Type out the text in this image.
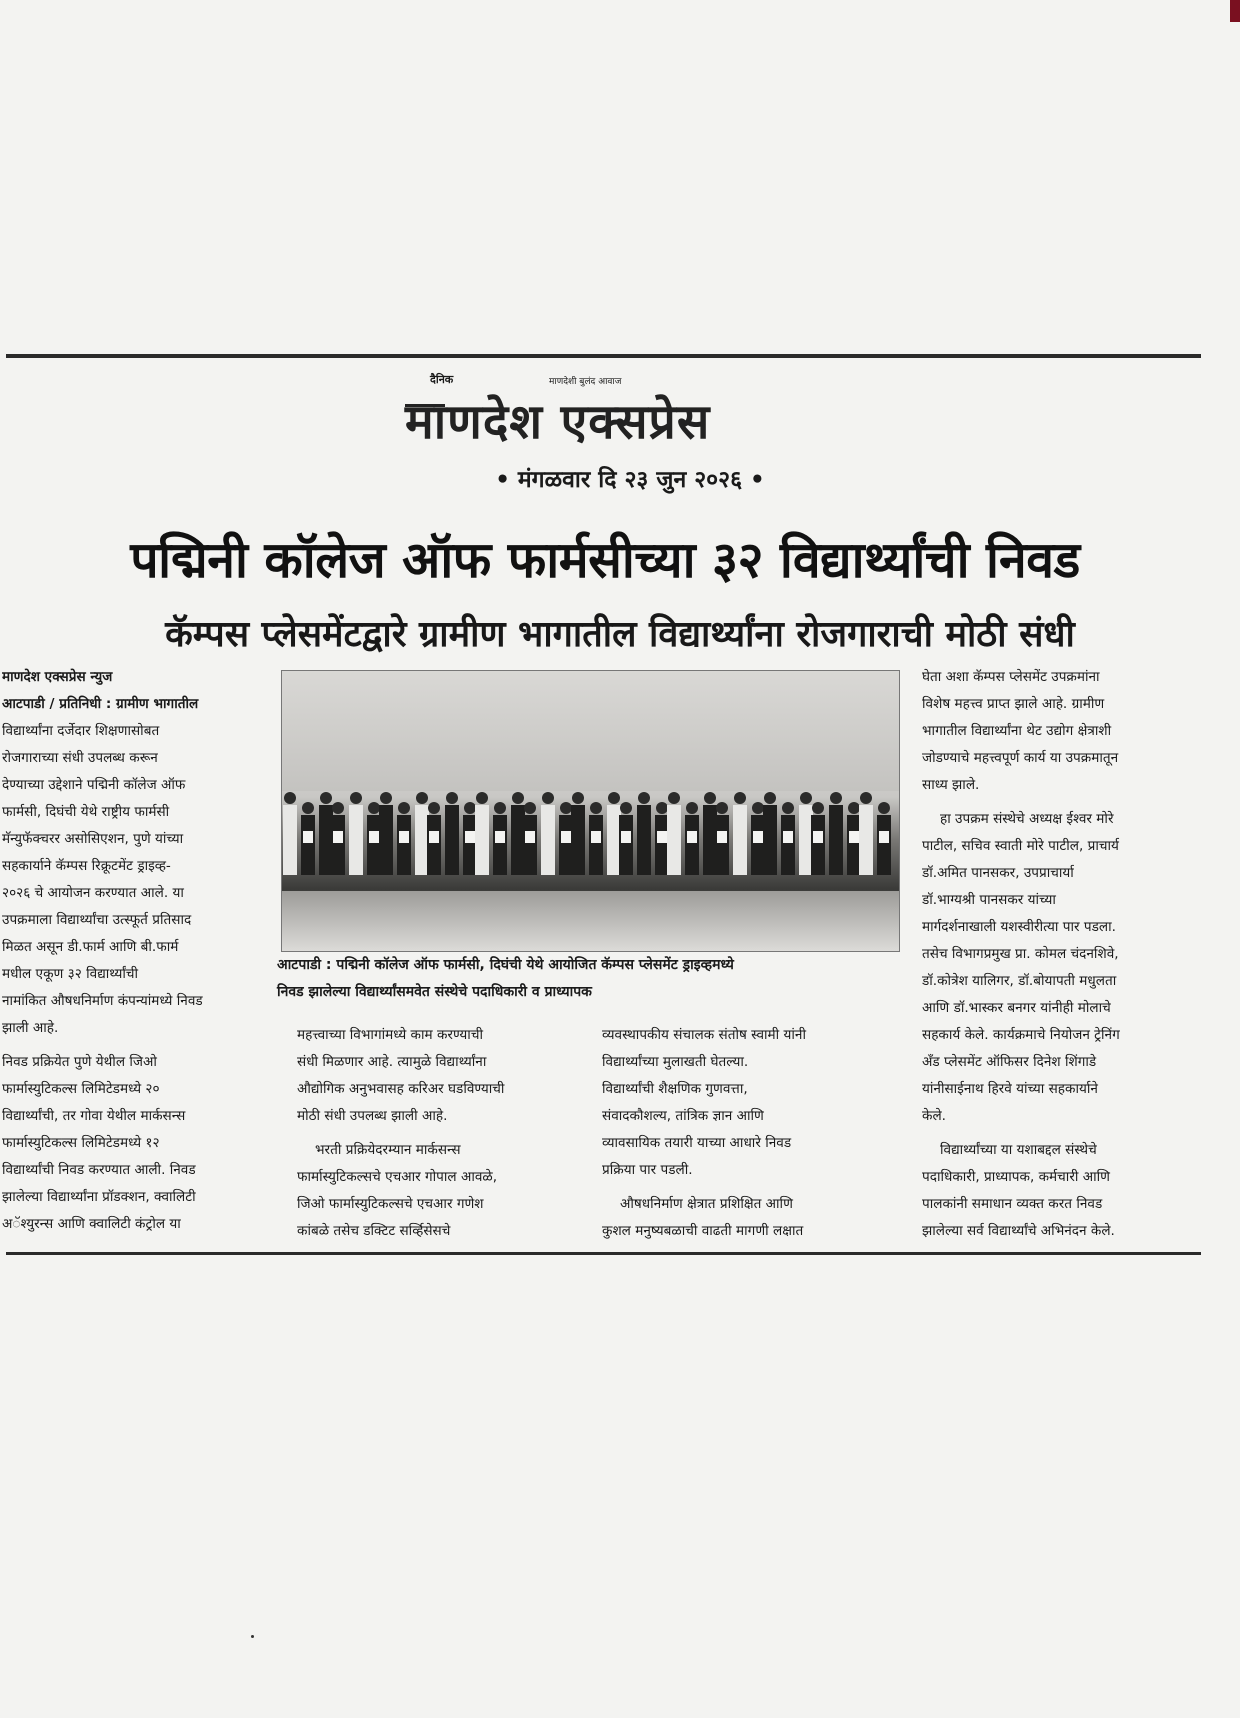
दैनिक	माणदेशी बुलंद आवाज
माणदेश एक्सप्रेस
• मंगळवार दि २३ जुन २०२६ •
पद्मिनी कॉलेज ऑफ फार्मसीच्या ३२ विद्यार्थ्यांची निवड
कॅम्पस प्लेसमेंटद्वारे ग्रामीण भागातील विद्यार्थ्यांना रोजगाराची मोठी संधी
माणदेश एक्सप्रेस न्युज
आटपाडी / प्रतिनिधी : ग्रामीण भागातील
विद्यार्थ्यांना दर्जेदार शिक्षणासोबत
रोजगाराच्या संधी उपलब्ध करून
देण्याच्या उद्देशाने पद्मिनी कॉलेज ऑफ
फार्मसी, दिघंची येथे राष्ट्रीय फार्मसी
मॅन्युफॅक्चरर असोसिएशन, पुणे यांच्या
सहकार्याने कॅम्पस रिक्रूटमेंट ड्राइव्ह-
२०२६ चे आयोजन करण्यात आले. या
उपक्रमाला विद्यार्थ्यांचा उत्स्फूर्त प्रतिसाद
मिळत असून डी.फार्म आणि बी.फार्म
मधील एकूण ३२ विद्यार्थ्यांची
नामांकित औषधनिर्माण कंपन्यांमध्ये निवड
झाली आहे.
निवड प्रक्रियेत पुणे येथील जिओ
फार्मास्युटिकल्स लिमिटेडमध्ये २०
विद्यार्थ्यांची, तर गोवा येथील मार्कसन्स
फार्मास्युटिकल्स लिमिटेडमध्ये १२
विद्यार्थ्यांची निवड करण्यात आली. निवड
झालेल्या विद्यार्थ्यांना प्रॉडक्शन, क्वालिटी
अॅश्युरन्स आणि क्वालिटी कंट्रोल या
आटपाडी : पद्मिनी कॉलेज ऑफ फार्मसी, दिघंची येथे आयोजित कॅम्पस प्लेसमेंट ड्राइव्हमध्ये
निवड झालेल्या विद्यार्थ्यांसमवेत संस्थेचे पदाधिकारी व प्राध्यापक
महत्त्वाच्या विभागांमध्ये काम करण्याची
संधी मिळणार आहे. त्यामुळे विद्यार्थ्यांना
औद्योगिक अनुभवासह करिअर घडविण्याची
मोठी संधी उपलब्ध झाली आहे.
भरती प्रक्रियेदरम्यान मार्कसन्स
फार्मास्युटिकल्सचे एचआर गोपाल आवळे,
जिओ फार्मास्युटिकल्सचे एचआर गणेश
कांबळे तसेच डक्टिट सर्व्हिसेसचे
व्यवस्थापकीय संचालक संतोष स्वामी यांनी
विद्यार्थ्यांच्या मुलाखती घेतल्या.
विद्यार्थ्यांची शैक्षणिक गुणवत्ता,
संवादकौशल्य, तांत्रिक ज्ञान आणि
व्यावसायिक तयारी याच्या आधारे निवड
प्रक्रिया पार पडली.
औषधनिर्माण क्षेत्रात प्रशिक्षित आणि
कुशल मनुष्यबळाची वाढती मागणी लक्षात
घेता अशा कॅम्पस प्लेसमेंट उपक्रमांना
विशेष महत्त्व प्राप्त झाले आहे. ग्रामीण
भागातील विद्यार्थ्यांना थेट उद्योग क्षेत्राशी
जोडण्याचे महत्त्वपूर्ण कार्य या उपक्रमातून
साध्य झाले.
हा उपक्रम संस्थेचे अध्यक्ष ईश्वर मोरे
पाटील, सचिव स्वाती मोरे पाटील, प्राचार्य
डॉ.अमित पानसकर, उपप्राचार्या
डॉ.भाग्यश्री पानसकर यांच्या
मार्गदर्शनाखाली यशस्वीरीत्या पार पडला.
तसेच विभागप्रमुख प्रा. कोमल चंदनशिवे,
डॉ.कोत्रेश यालिगर, डॉ.बोयापती मधुलता
आणि डॉ.भास्कर बनगर यांनीही मोलाचे
सहकार्य केले. कार्यक्रमाचे नियोजन ट्रेनिंग
अँड प्लेसमेंट ऑफिसर दिनेश शिंगाडे
यांनीसाईनाथ हिरवे यांच्या सहकार्याने
केले.
विद्यार्थ्यांच्या या यशाबद्दल संस्थेचे
पदाधिकारी, प्राध्यापक, कर्मचारी आणि
पालकांनी समाधान व्यक्त करत निवड
झालेल्या सर्व विद्यार्थ्यांचे अभिनंदन केले.
